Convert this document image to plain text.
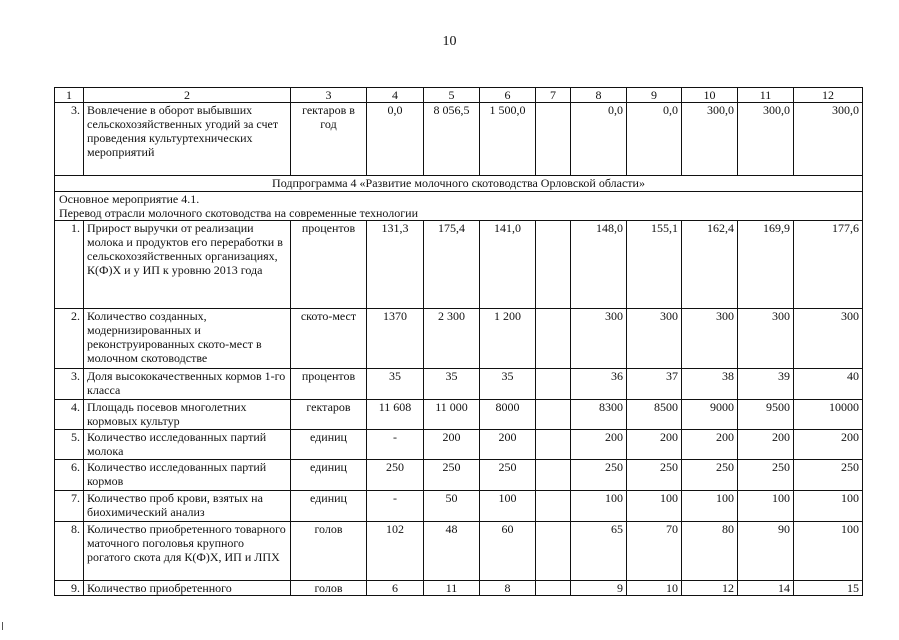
10
1	2	3	4	5	6	7	8	9	10	11	12
3.	Вовлечение в оборот выбывших сельскохозяйственных угодий за счет проведения культуртехнических мероприятий	гектаров в год	0,0	8 056,5	1 500,0		0,0	0,0	300,0	300,0	300,0
Подпрограмма 4 «Развитие молочного скотоводства Орловской области»											

Основное мероприятие 4.1.
Перевод отрасли молочного скотоводства на современные технологии											

1.	Прирост выручки от реализации молока и продуктов его переработки в сельскохозяйственных организациях, К(Ф)Х и у ИП к уровню 2013 года	процентов	131,3	175,4	141,0		148,0	155,1	162,4	169,9	177,6
2.	Количество созданных, модернизированных и реконструированных ското-мест в молочном скотоводстве	ското-мест	1370	2 300	1 200		300	300	300	300	300
3.	Доля высококачественных кормов 1-го класса	процентов	35	35	35		36	37	38	39	40
4.	Площадь посевов многолетних кормовых культур	гектаров	11 608	11 000	8000		8300	8500	9000	9500	10000
5.	Количество исследованных партий молока	единиц	-	200	200		200	200	200	200	200
6.	Количество исследованных партий кормов	единиц	250	250	250		250	250	250	250	250
7.	Количество проб крови, взятых на биохимический анализ	единиц	-	50	100		100	100	100	100	100
8.	Количество приобретенного товарного маточного поголовья крупного рогатого скота для К(Ф)Х, ИП и ЛПХ	голов	102	48	60		65	70	80	90	100
9.	Количество приобретенного	голов	6	11	8		9	10	12	14	15
